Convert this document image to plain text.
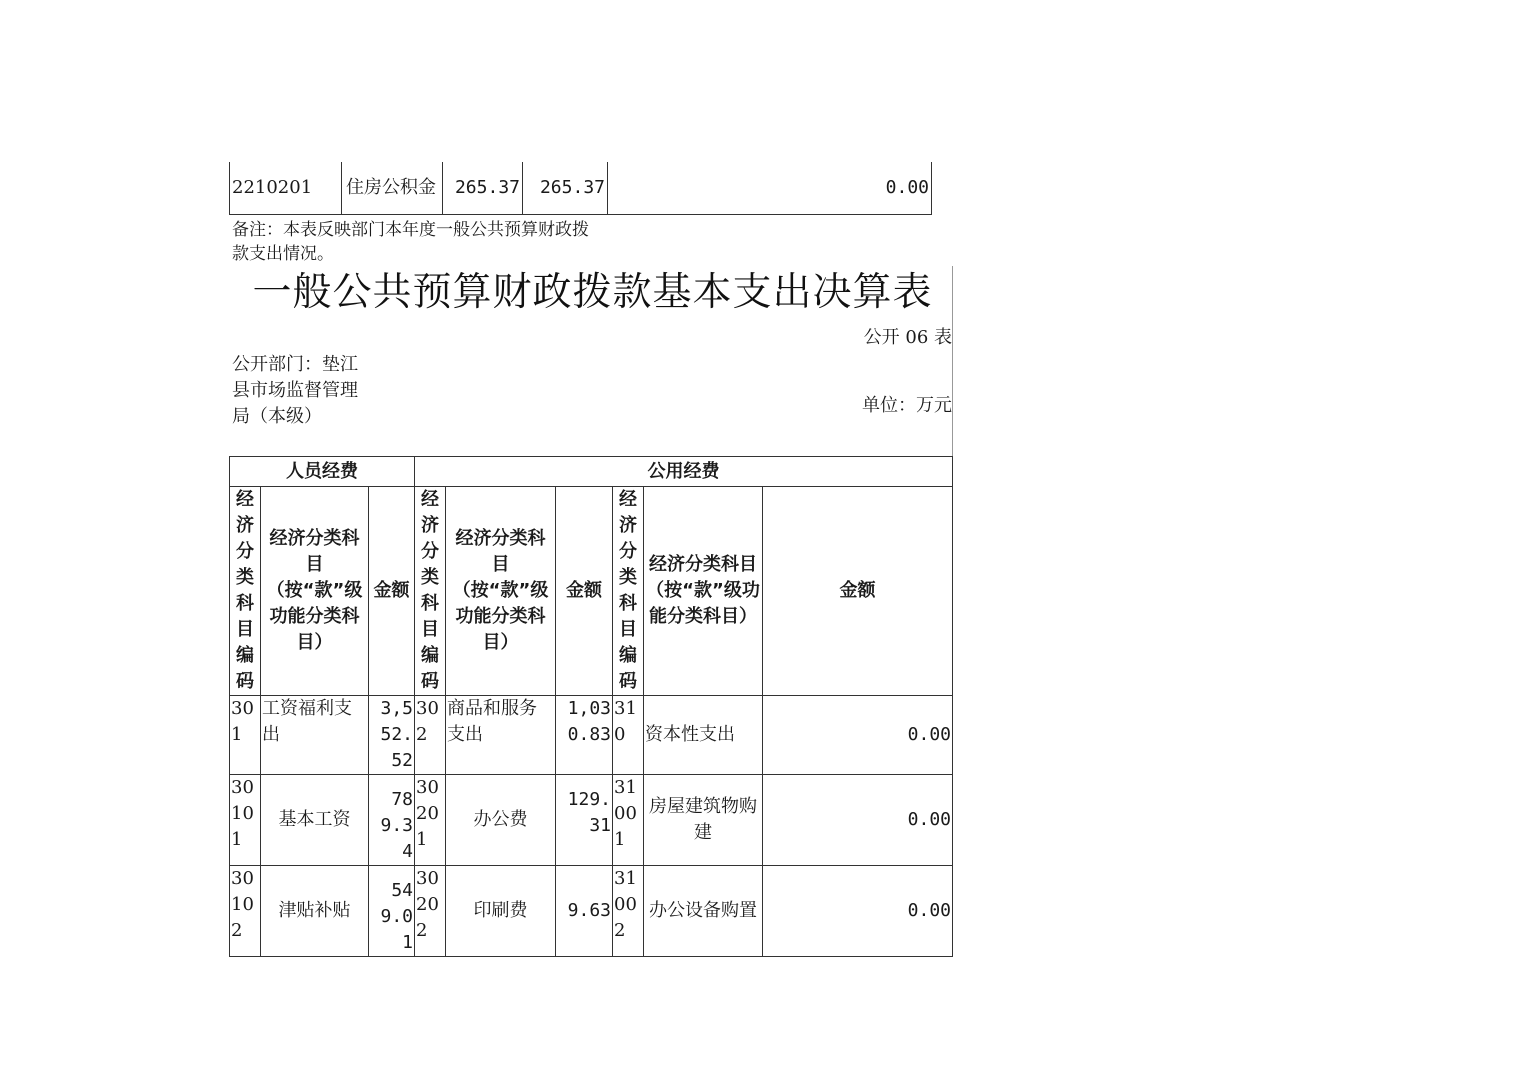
2210201	住房公积金	265.37	265.37	0.00
备注：本表反映部门本年度一般公共预算财政拨款支出情况。
一般公共预算财政拨款基本支出决算表
公开 06 表
公开部门：垫江县市场监督管理局（本级）
单位：万元
人员经费			公用经费					
经济分类科目编码	经济分类科目（按“款”级功能分类科目）	金额	经济分类科目编码	经济分类科目（按“款”级功能分类科目）	金额	经济分类科目编码	经济分类科目（按“款”级功能分类科目）	金额
301	工资福利支出	3,552.52	302	商品和服务支出	1,030.83	310	资本性支出	0.00
30101	基本工资	789.34	30201	办公费	129.31	31001	房屋建筑物购建	0.00
30102	津贴补贴	549.01	30202	印刷费	9.63	31002	办公设备购置	0.00
